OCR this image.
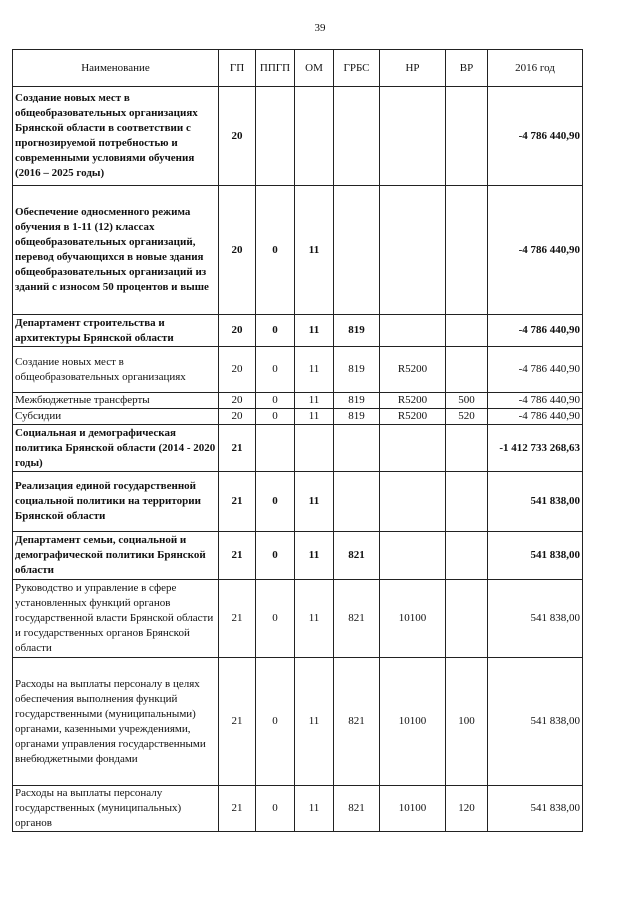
39
Наименование	ГП	ППГП	ОМ	ГРБС	НР	ВР	2016 год
Создание новых мест в общеобразовательных организациях Брянской области в соответствии с прогнозируемой потребностью и современными условиями обучения (2016 – 2025 годы)	20						-4 786 440,90
Обеспечение односменного режима обучения в 1-11 (12) классах общеобразовательных организаций, перевод обучающихся в новые здания общеобразовательных организаций из зданий с износом 50 процентов и выше	20	0	11				-4 786 440,90
Департамент строительства и архитектуры Брянской области	20	0	11	819			-4 786 440,90
Создание новых мест в общеобразовательных организациях	20	0	11	819	R5200		-4 786 440,90
Межбюджетные трансферты	20	0	11	819	R5200	500	-4 786 440,90
Субсидии	20	0	11	819	R5200	520	-4 786 440,90
Социальная и демографическая политика Брянской области (2014 - 2020 годы)	21						-1 412 733 268,63
Реализация единой государственной социальной политики на территории Брянской области	21	0	11				541 838,00
Департамент семьи, социальной и демографической политики Брянской области	21	0	11	821			541 838,00
Руководство и управление в сфере установленных функций органов государственной власти Брянской области и государственных органов Брянской области	21	0	11	821	10100		541 838,00
Расходы на выплаты персоналу в целях обеспечения выполнения функций государственными (муниципальными) органами, казенными учреждениями, органами управления государственными внебюджетными фондами	21	0	11	821	10100	100	541 838,00
Расходы на выплаты персоналу государственных (муниципальных) органов	21	0	11	821	10100	120	541 838,00
